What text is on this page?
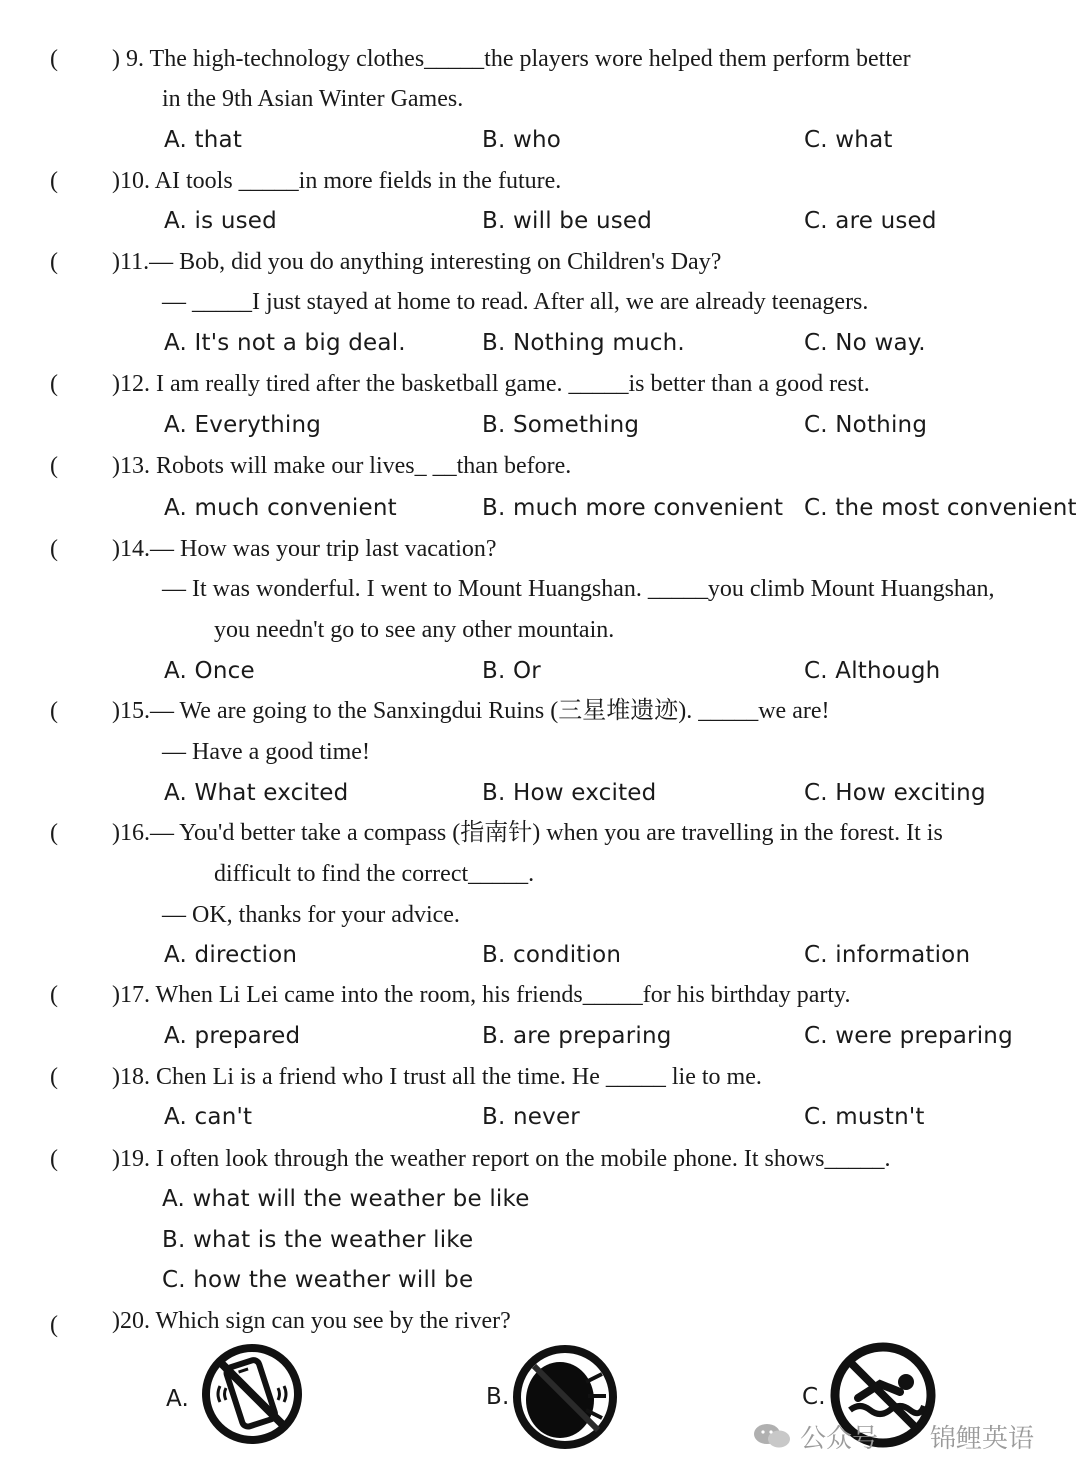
( ) 9. The high-technology clothes_____the players wore helped them perform better
in the 9th Asian Winter Games.
A. that	B. who	C. what
( )10. AI tools _____in more fields in the future.
A. is used	B. will be used	C. are used
( )11.— Bob, did you do anything interesting on Children's Day?
— _____I just stayed at home to read. After all, we are already teenagers.
A. It's not a big deal.	B. Nothing much.	C. No way.
( )12. I am really tired after the basketball game. _____is better than a good rest.
A. Everything	B. Something	C. Nothing
( )13. Robots will make our lives_ __than before.
A. much convenient	B. much more convenient C. the most convenient
( )14.— How was your trip last vacation?
— It was wonderful. I went to Mount Huangshan. _____you climb Mount Huangshan,
you needn't go to see any other mountain.
A. Once	B. Or	C. Although
( )15.— We are going to the Sanxingdui Ruins (三星堆遗迹). _____we are!
— Have a good time!
A. What excited	B. How excited	C. How exciting
( )16.— You'd better take a compass (指南针) when you are travelling in the forest. It is
difficult to find the correct_____.
— OK, thanks for your advice.
A. direction	B. condition	C. information
( )17. When Li Lei came into the room, his friends_____for his birthday party.
A. prepared	B. are preparing	C. were preparing
( )18. Chen Li is a friend who I trust all the time. He _____ lie to me.
A. can't	B. never	C. mustn't
( )19. I often look through the weather report on the mobile phone. It shows_____.
A. what will the weather be like
B. what is the weather like
C. how the weather will be
( )20. Which sign can you see by the river?
A.	B.	C.
公众号 锦鲤英语
